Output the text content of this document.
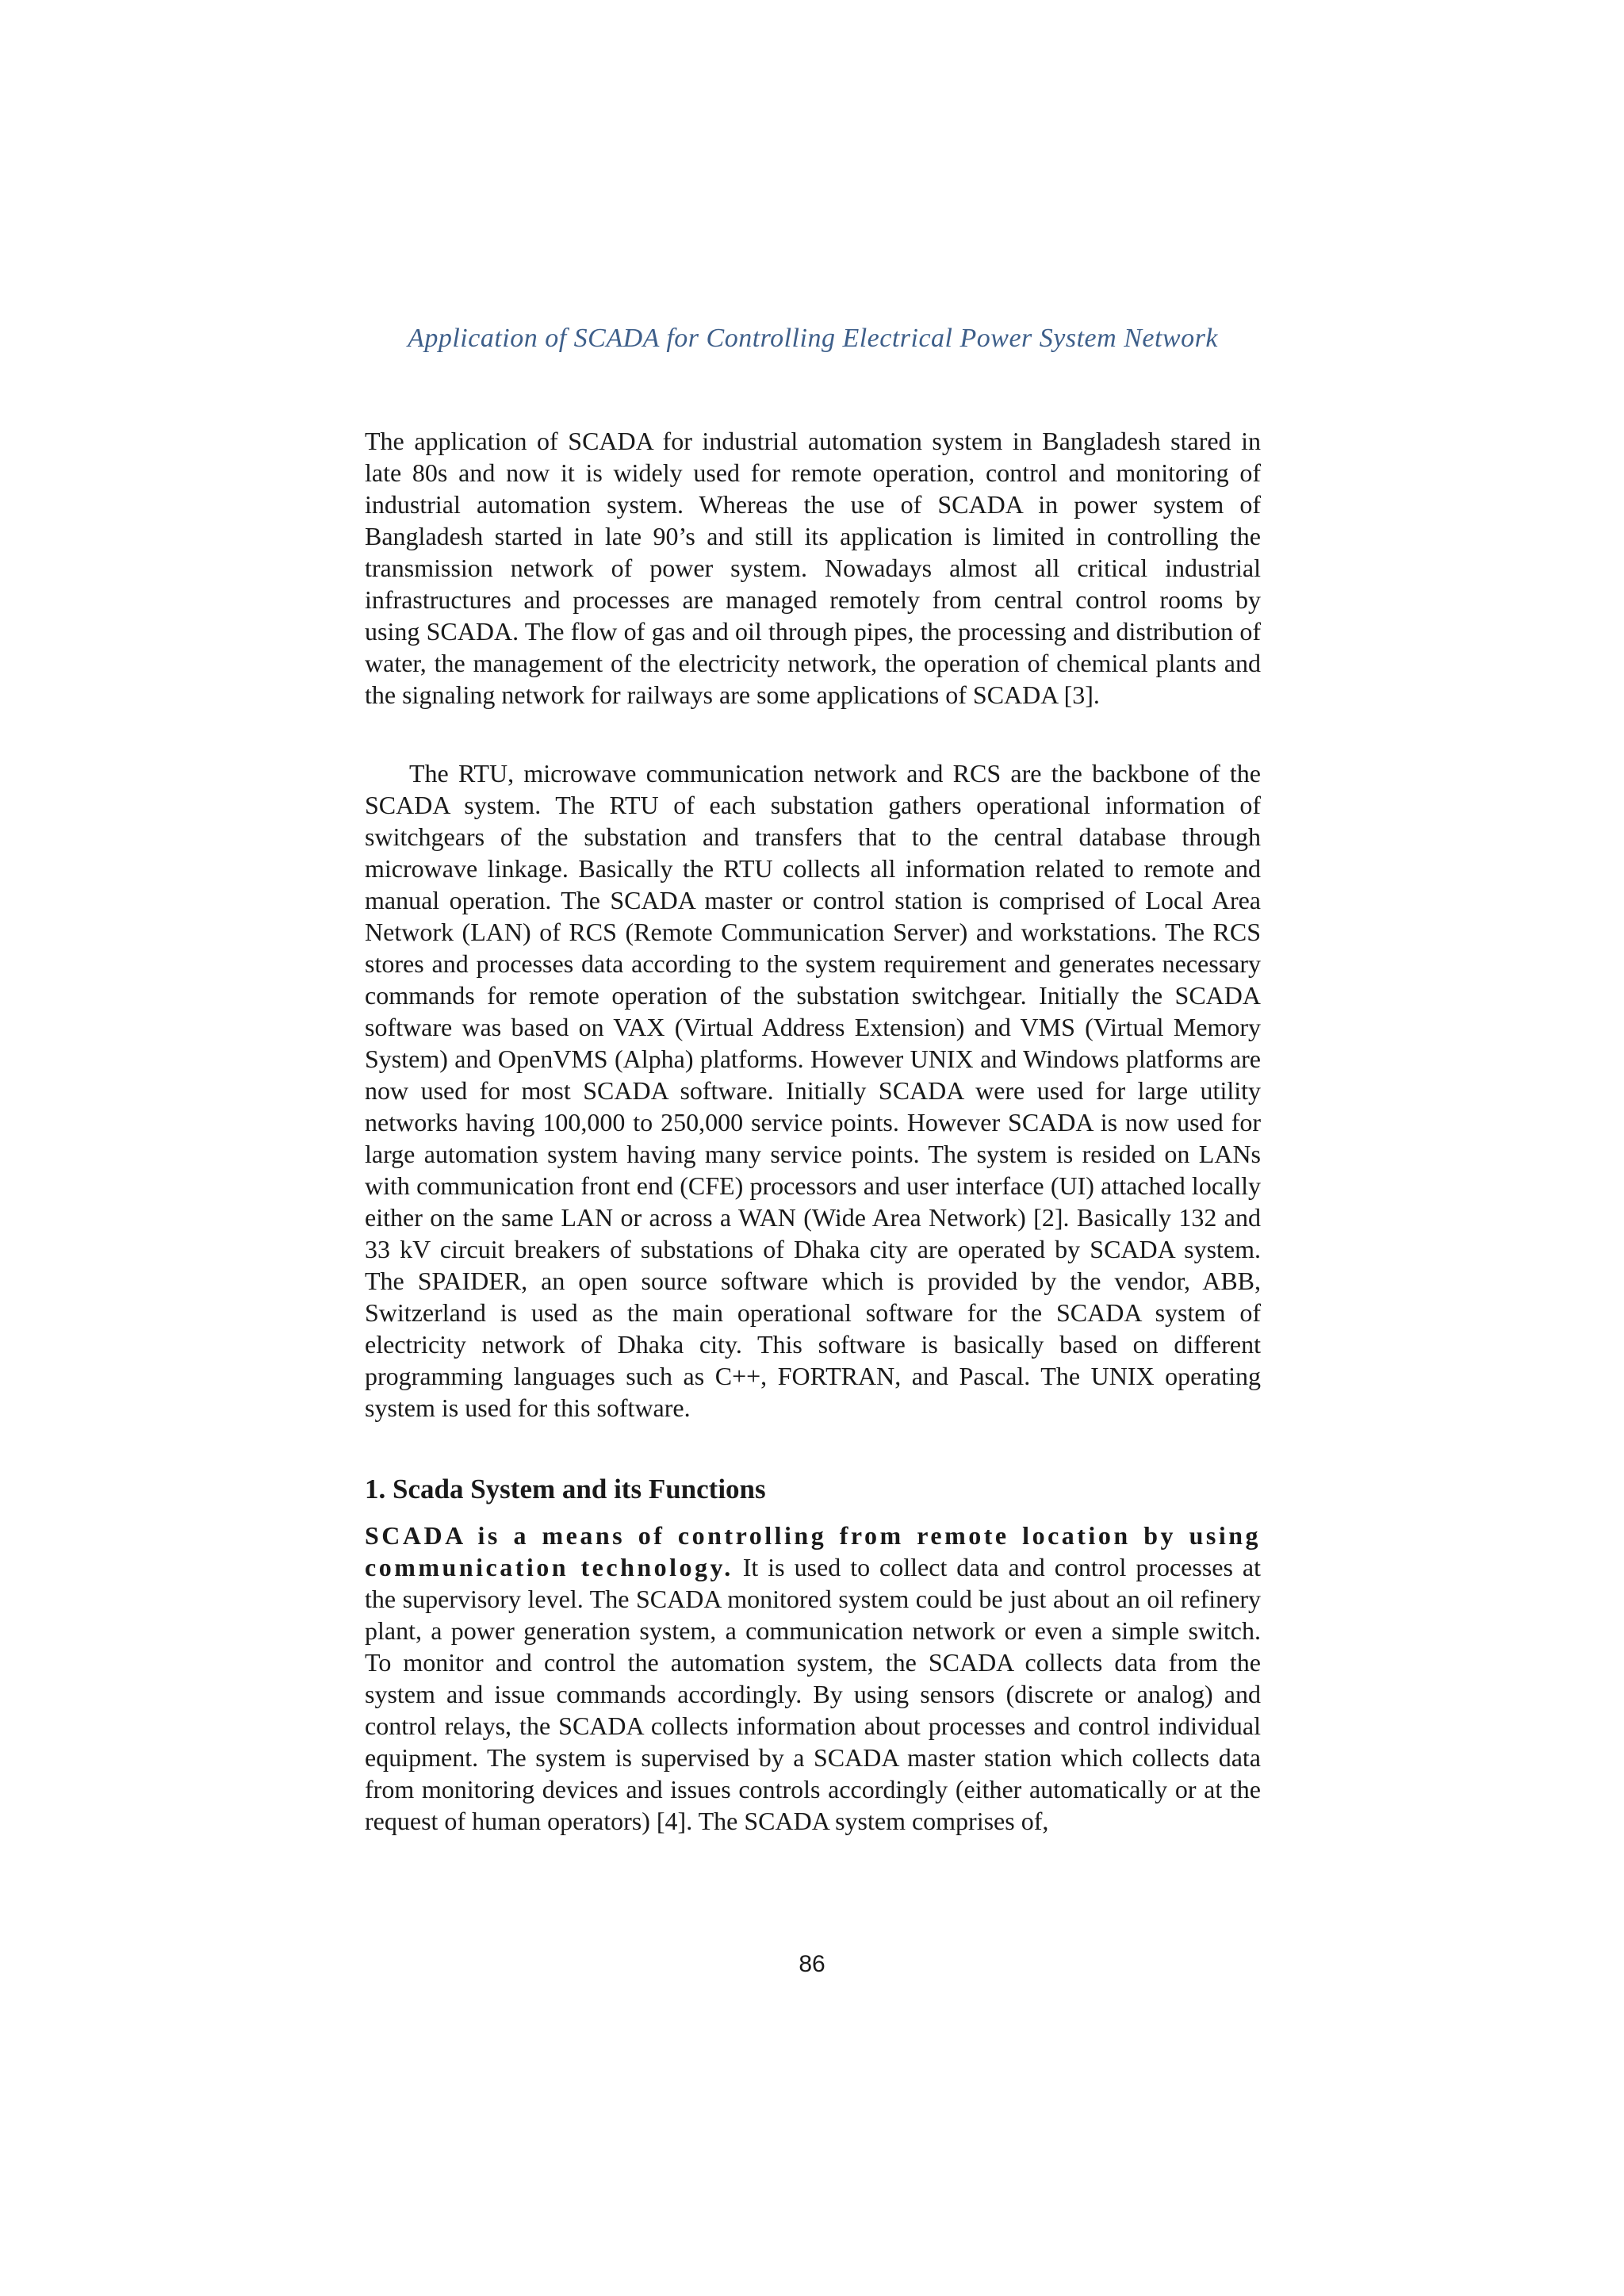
Application of SCADA for Controlling Electrical Power System Network

The application of SCADA for industrial automation system in Bangladesh stared in late 80s and now it is widely used for remote operation, control and monitoring of industrial automation system. Whereas the use of SCADA in power system of Bangladesh started in late 90’s and still its application is limited in controlling the transmission network of power system. Nowadays almost all critical industrial infrastructures and processes are managed remotely from central control rooms by using SCADA. The flow of gas and oil through pipes, the processing and distribution of water, the management of the electricity network, the operation of chemical plants and the signaling network for railways are some applications of SCADA [3].

The RTU, microwave communication network and RCS are the backbone of the SCADA system. The RTU of each substation gathers operational information of switchgears of the substation and transfers that to the central database through microwave linkage. Basically the RTU collects all information related to remote and manual operation. The SCADA master or control station is comprised of Local Area Network (LAN) of RCS (Remote Communication Server) and workstations. The RCS stores and processes data according to the system requirement and generates necessary commands for remote operation of the substation switchgear. Initially the SCADA software was based on VAX (Virtual Address Extension) and VMS (Virtual Memory System) and OpenVMS (Alpha) platforms. However UNIX and Windows platforms are now used for most SCADA software. Initially SCADA were used for large utility networks having 100,000 to 250,000 service points. However SCADA is now used for large automation system having many service points. The system is resided on LANs with communication front end (CFE) processors and user interface (UI) attached locally either on the same LAN or across a WAN (Wide Area Network) [2]. Basically 132 and 33 kV circuit breakers of substations of Dhaka city are operated by SCADA system. The SPAIDER, an open source software which is provided by the vendor, ABB, Switzerland is used as the main operational software for the SCADA system of electricity network of Dhaka city. This software is basically based on different programming languages such as C++, FORTRAN, and Pascal. The UNIX operating system is used for this software.

1. Scada System and its Functions

SCADA is a means of controlling from remote location by using communication technology. It is used to collect data and control processes at the supervisory level. The SCADA monitored system could be just about an oil refinery plant, a power generation system, a communication network or even a simple switch. To monitor and control the automation system, the SCADA collects data from the system and issue commands accordingly. By using sensors (discrete or analog) and control relays, the SCADA collects information about processes and control individual equipment. The system is supervised by a SCADA master station which collects data from monitoring devices and issues controls accordingly (either automatically or at the request of human operators) [4]. The SCADA system comprises of,

86
